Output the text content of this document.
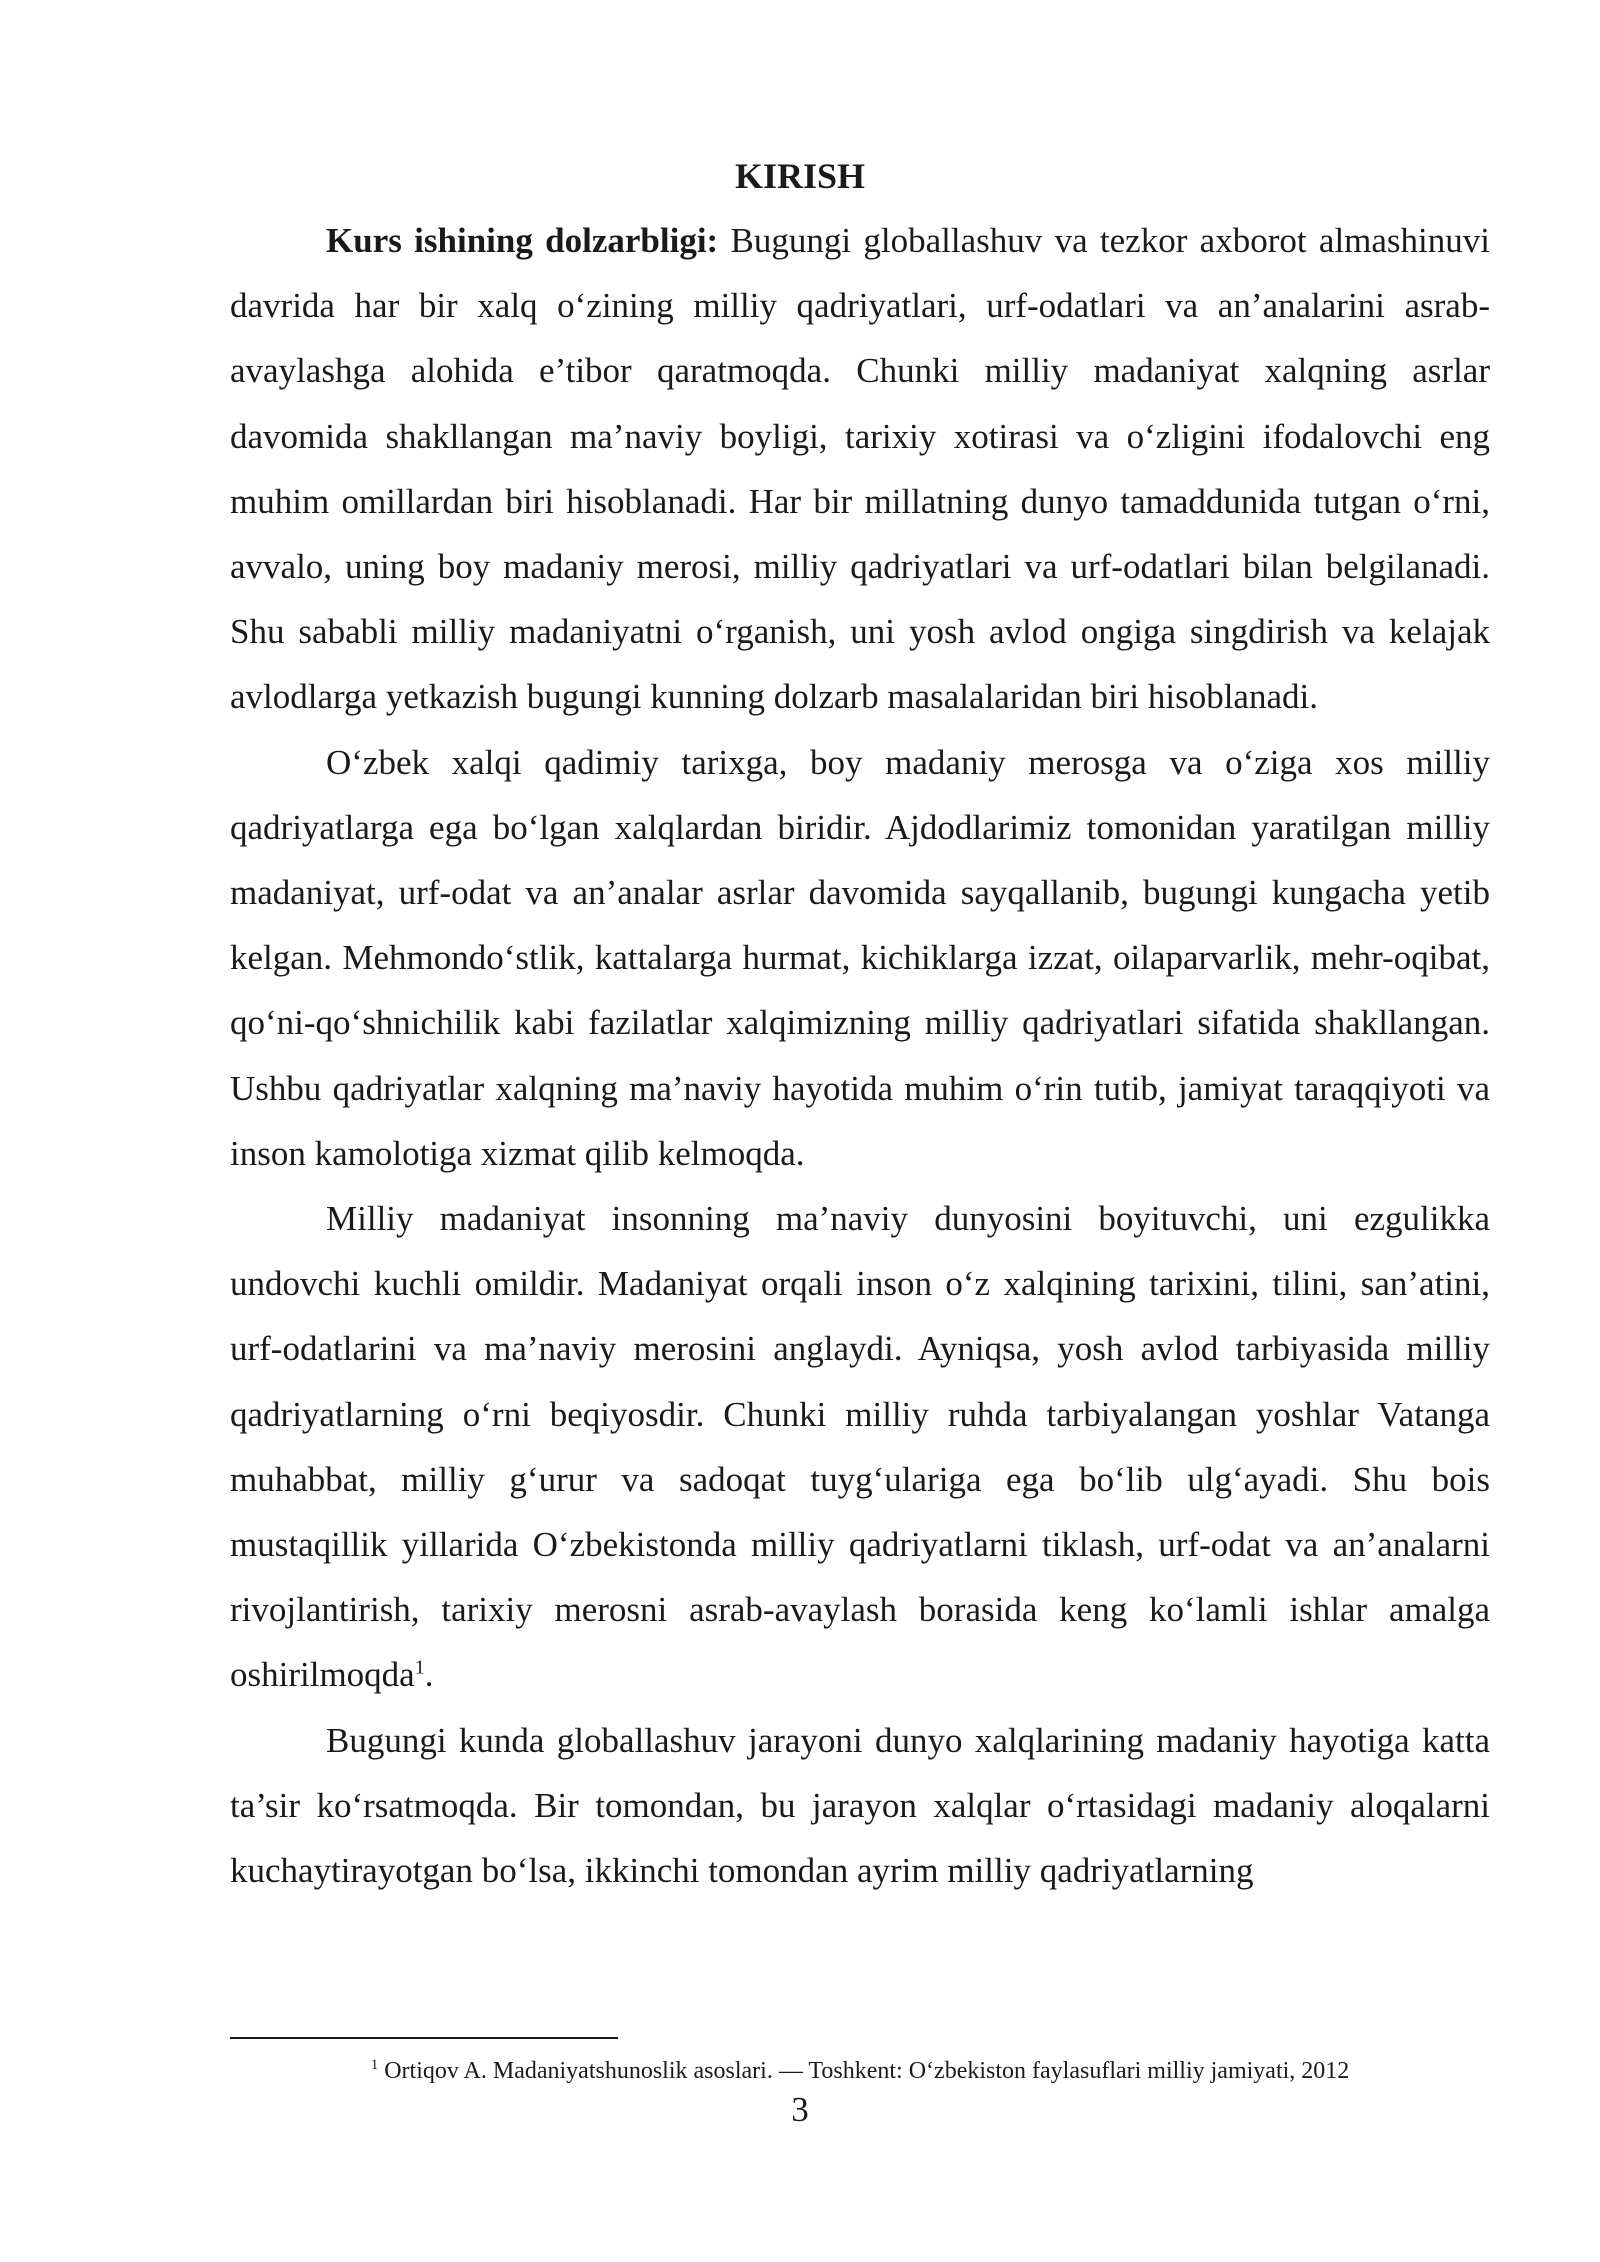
KIRISH

Kurs ishining dolzarbligi: Bugungi globallashuv va tezkor axborot almashinuvi davrida har bir xalq o‘zining milliy qadriyatlari, urf-odatlari va an’analarini asrab-avaylashga alohida e’tibor qaratmoqda. Chunki milliy madaniyat xalqning asrlar davomida shakllangan ma’naviy boyligi, tarixiy xotirasi va o‘zligini ifodalovchi eng muhim omillardan biri hisoblanadi. Har bir millatning dunyo tamaddunida tutgan o‘rni, avvalo, uning boy madaniy merosi, milliy qadriyatlari va urf-odatlari bilan belgilanadi. Shu sababli milliy madaniyatni o‘rganish, uni yosh avlod ongiga singdirish va kelajak avlodlarga yetkazish bugungi kunning dolzarb masalalaridan biri hisoblanadi.

O‘zbek xalqi qadimiy tarixga, boy madaniy merosga va o‘ziga xos milliy qadriyatlarga ega bo‘lgan xalqlardan biridir. Ajdodlarimiz tomonidan yaratilgan milliy madaniyat, urf-odat va an’analar asrlar davomida sayqallanib, bugungi kungacha yetib kelgan. Mehmondo‘stlik, kattalarga hurmat, kichiklarga izzat, oilaparvarlik, mehr-oqibat, qo‘ni-qo‘shnichilik kabi fazilatlar xalqimizning milliy qadriyatlari sifatida shakllangan. Ushbu qadriyatlar xalqning ma’naviy hayotida muhim o‘rin tutib, jamiyat taraqqiyoti va inson kamolotiga xizmat qilib kelmoqda.

Milliy madaniyat insonning ma’naviy dunyosini boyituvchi, uni ezgulikka undovchi kuchli omildir. Madaniyat orqali inson o‘z xalqining tarixini, tilini, san’atini, urf-odatlarini va ma’naviy merosini anglaydi. Ayniqsa, yosh avlod tarbiyasida milliy qadriyatlarning o‘rni beqiyosdir. Chunki milliy ruhda tarbiyalangan yoshlar Vatanga muhabbat, milliy g‘urur va sadoqat tuyg‘ulariga ega bo‘lib ulg‘ayadi. Shu bois mustaqillik yillarida O‘zbekistonda milliy qadriyatlarni tiklash, urf-odat va an’analarni rivojlantirish, tarixiy merosni asrab-avaylash borasida keng ko‘lamli ishlar amalga oshirilmoqda$^1$.

Bugungi kunda globallashuv jarayoni dunyo xalqlarining madaniy hayotiga katta ta’sir ko‘rsatmoqda. Bir tomondan, bu jarayon xalqlar o‘rtasidagi madaniy aloqalarni kuchaytirayotgan bo‘lsa, ikkinchi tomondan ayrim milliy qadriyatlarning

$^1$ Ortiqov A. Madaniyatshunoslik asoslari. — Toshkent: O‘zbekiston faylasuflari milliy jamiyati, 2012

3
